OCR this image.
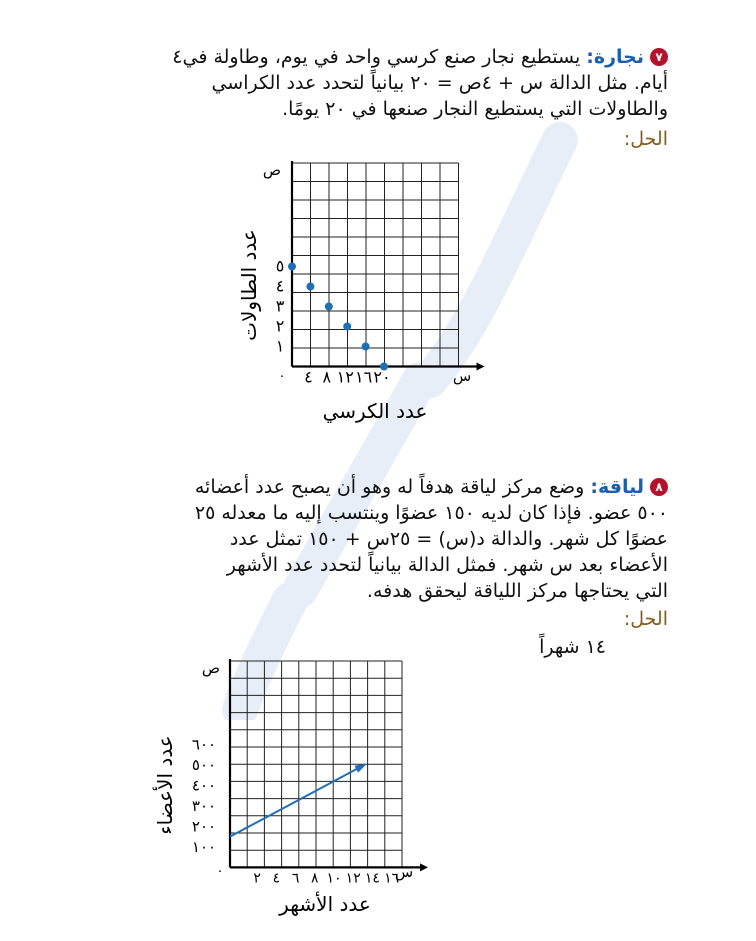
٧نجارة: يستطيع نجار صنع كرسي واحد في يوم، وطاولة في٤
أيام. مثل الدالة س + ٤ص = ٢٠ بيانياً لتحدد عدد الكراسي
والطاولات التي يستطيع النجار صنعها في ٢٠ يومًا.
الحل:
ص
س
٠
عدد الطاولات
عدد الكرسي
٤ ٨ ١٢ ١٦ ٢٠
١
٢
٣
٤
٥
٨لياقة: وضع مركز لياقة هدفاً له وهو أن يصبح عدد أعضائه
٥٠٠ عضو. فإذا كان لديه ١٥٠ عضوًا وينتسب إليه ما معدله ٢٥
عضوًا كل شهر. والدالة د(س) = ٢٥س + ١٥٠ تمثل عدد
الأعضاء بعد س شهر. فمثل الدالة بيانياً لتحدد عدد الأشهر
التي يحتاجها مركز اللياقة ليحقق هدفه.
الحل:
١٤ شهراً
ص
س
٠
عدد الأعضاء
عدد الأشهر
٢ ٤ ٦ ٨ ١٠ ١٢ ١٤ ١٦
١٠٠
٢٠٠
٣٠٠
٤٠٠
٥٠٠
٦٠٠
